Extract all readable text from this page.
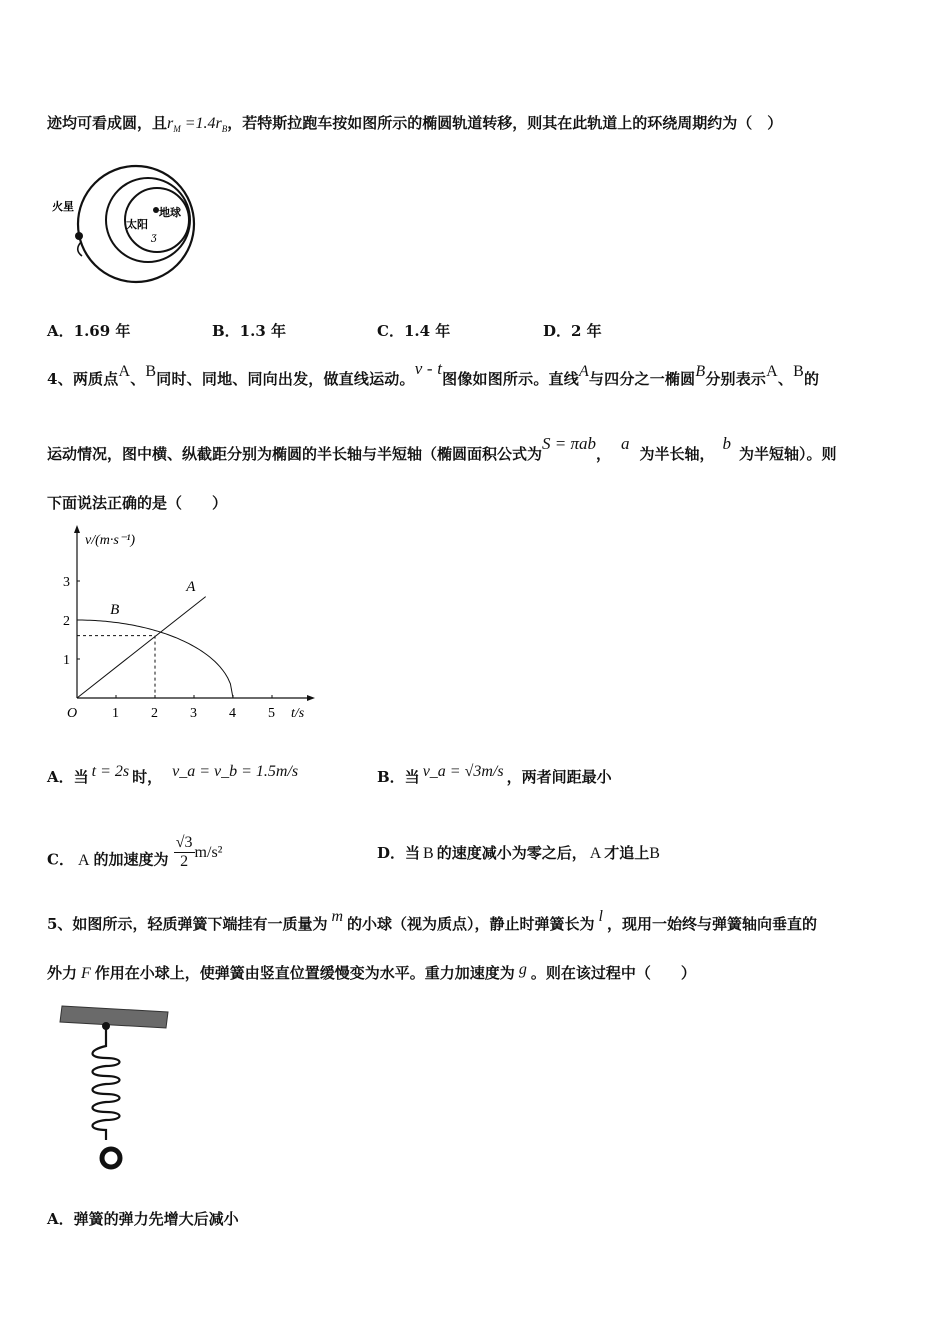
迹均可看成圆，且$r_M =1.4r_B$，若特斯拉跑车按如图所示的椭圆轨道转移，则其在此轨道上的环绕周期约为（　）
火星
太阳
地球
ʒ
A．1.69 年	B．1.3 年	C．1.4 年	D．2 年
4、两质点A、B同时、同地、同向出发，做直线运动。v - t图像如图所示。直线A与四分之一椭圆B分别表示A、B的
运动情况，图中横、纵截距分别为椭圆的半长轴与半短轴（椭圆面积公式为S = πab，a为半长轴，b为半短轴）。则
下面说法正确的是（　　）
v/(m·s⁻¹)
t/s
O 1 2 3 4 5
1
2
3	A
B
A．当 t = 2s 时， v_a = v_b = 1.5m/s	B．当 v_a = √3m/s ，两者间距最小
C． A 的加速度为 $\frac{√3}{2} m/s^2$	D．当 B 的速度减小为零之后， A 才追上B
5、如图所示，轻质弹簧下端挂有一质量为 m 的小球（视为质点），静止时弹簧长为 l ，现用一始终与弹簧轴向垂直的
外力 F 作用在小球上，使弹簧由竖直位置缓慢变为水平。重力加速度为 g 。则在该过程中（　　）
A．弹簧的弹力先增大后减小
